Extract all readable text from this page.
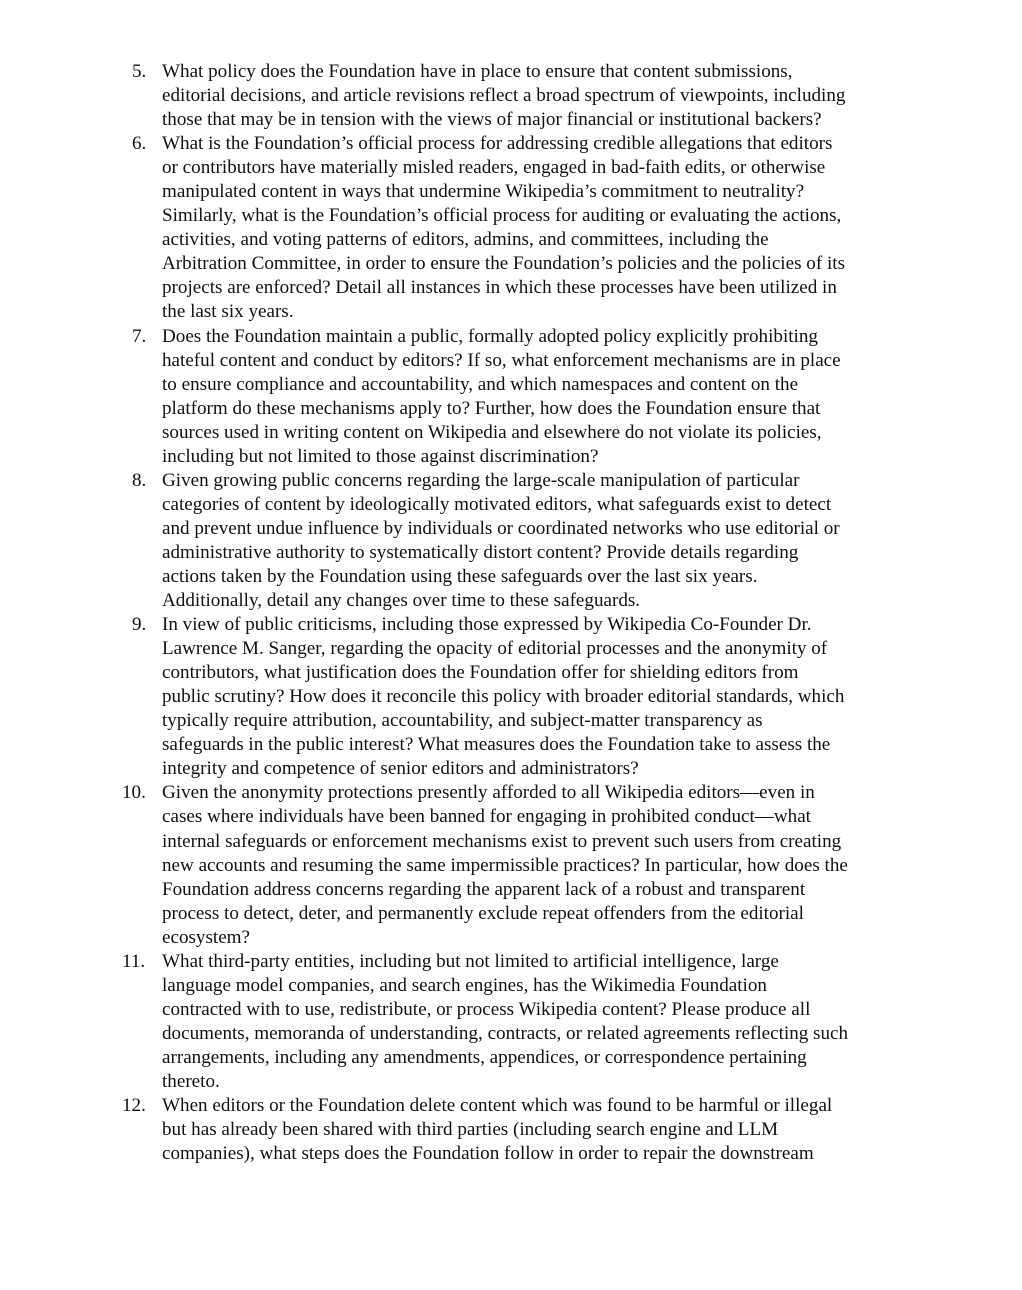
5. What policy does the Foundation have in place to ensure that content submissions,
editorial decisions, and article revisions reflect a broad spectrum of viewpoints, including
those that may be in tension with the views of major financial or institutional backers?
6. What is the Foundation’s official process for addressing credible allegations that editors
or contributors have materially misled readers, engaged in bad-faith edits, or otherwise
manipulated content in ways that undermine Wikipedia’s commitment to neutrality?
Similarly, what is the Foundation’s official process for auditing or evaluating the actions,
activities, and voting patterns of editors, admins, and committees, including the
Arbitration Committee, in order to ensure the Foundation’s policies and the policies of its
projects are enforced? Detail all instances in which these processes have been utilized in
the last six years.
7. Does the Foundation maintain a public, formally adopted policy explicitly prohibiting
hateful content and conduct by editors? If so, what enforcement mechanisms are in place
to ensure compliance and accountability, and which namespaces and content on the
platform do these mechanisms apply to? Further, how does the Foundation ensure that
sources used in writing content on Wikipedia and elsewhere do not violate its policies,
including but not limited to those against discrimination?
8. Given growing public concerns regarding the large-scale manipulation of particular
categories of content by ideologically motivated editors, what safeguards exist to detect
and prevent undue influence by individuals or coordinated networks who use editorial or
administrative authority to systematically distort content? Provide details regarding
actions taken by the Foundation using these safeguards over the last six years.
Additionally, detail any changes over time to these safeguards.
9. In view of public criticisms, including those expressed by Wikipedia Co-Founder Dr.
Lawrence M. Sanger, regarding the opacity of editorial processes and the anonymity of
contributors, what justification does the Foundation offer for shielding editors from
public scrutiny? How does it reconcile this policy with broader editorial standards, which
typically require attribution, accountability, and subject-matter transparency as
safeguards in the public interest? What measures does the Foundation take to assess the
integrity and competence of senior editors and administrators?
10. Given the anonymity protections presently afforded to all Wikipedia editors—even in
cases where individuals have been banned for engaging in prohibited conduct—what
internal safeguards or enforcement mechanisms exist to prevent such users from creating
new accounts and resuming the same impermissible practices? In particular, how does the
Foundation address concerns regarding the apparent lack of a robust and transparent
process to detect, deter, and permanently exclude repeat offenders from the editorial
ecosystem?
11. What third-party entities, including but not limited to artificial intelligence, large
language model companies, and search engines, has the Wikimedia Foundation
contracted with to use, redistribute, or process Wikipedia content? Please produce all
documents, memoranda of understanding, contracts, or related agreements reflecting such
arrangements, including any amendments, appendices, or correspondence pertaining
thereto.
12. When editors or the Foundation delete content which was found to be harmful or illegal
but has already been shared with third parties (including search engine and LLM
companies), what steps does the Foundation follow in order to repair the downstream
